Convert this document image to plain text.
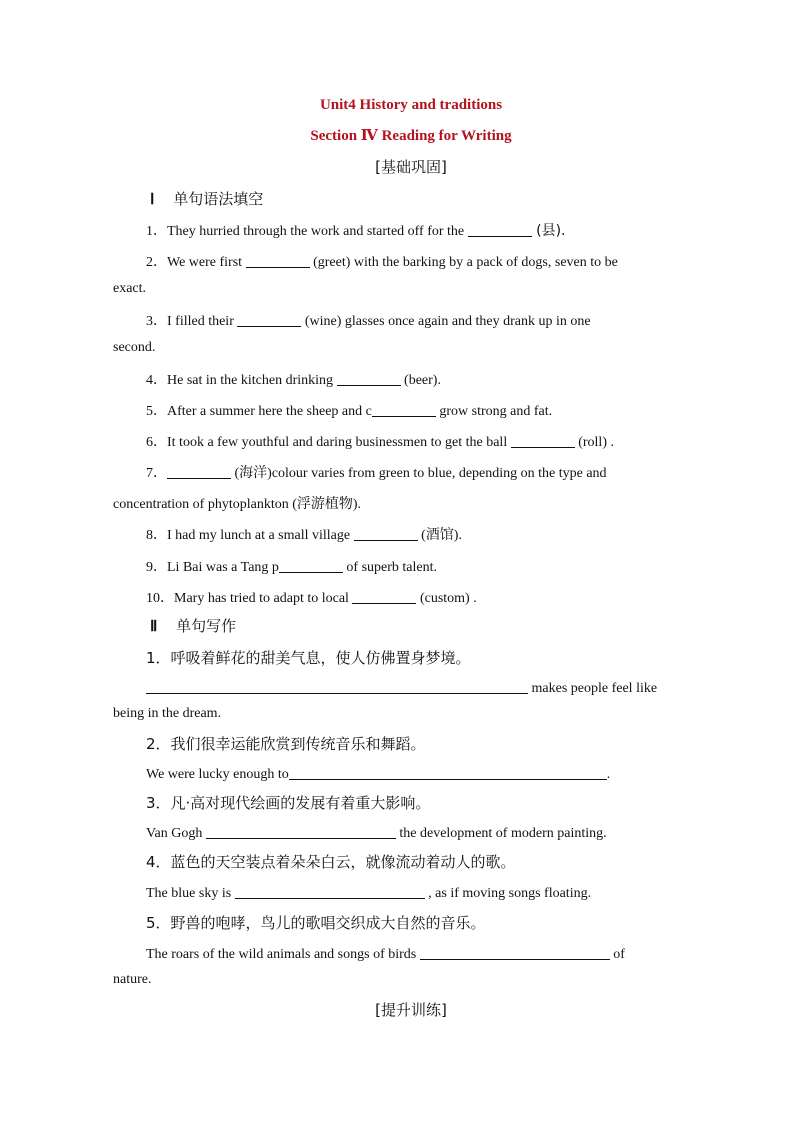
Unit4 History and traditions
Section Ⅳ Reading for Writing
[基础巩固]
Ⅰ 单句语法填空
1．They hurried through the work and started off for the	(县).
2．We were first	(greet) with the barking by a pack of dogs, seven to be
exact.
3．I filled their	(wine) glasses once again and they drank up in one
second.
4．He sat in the kitchen drinking	(beer).
5．After a summer here the sheep and c	grow strong and fat.
6．It took a few youthful and daring businessmen to get the ball	(roll) .
7．	(海洋)colour varies from green to blue, depending on the type and
concentration of phytoplankton (浮游植物).
8．I had my lunch at a small village	(酒馆).
9．Li Bai was a Tang p	of superb talent.
10．Mary has tried to adapt to local	(custom) .
Ⅱ 单句写作
1．呼吸着鲜花的甜美气息，使人仿佛置身梦境。
makes people feel like
being in the dream.
2．我们很幸运能欣赏到传统音乐和舞蹈。
We were lucky enough to	.
3．凡·高对现代绘画的发展有着重大影响。
Van Gogh	the development of modern painting.
4．蓝色的天空装点着朵朵白云，就像流动着动人的歌。
The blue sky is	, as if moving songs floating.
5．野兽的咆哮，鸟儿的歌唱交织成大自然的音乐。
The roars of the wild animals and songs of birds	of
nature.
[提升训练]
